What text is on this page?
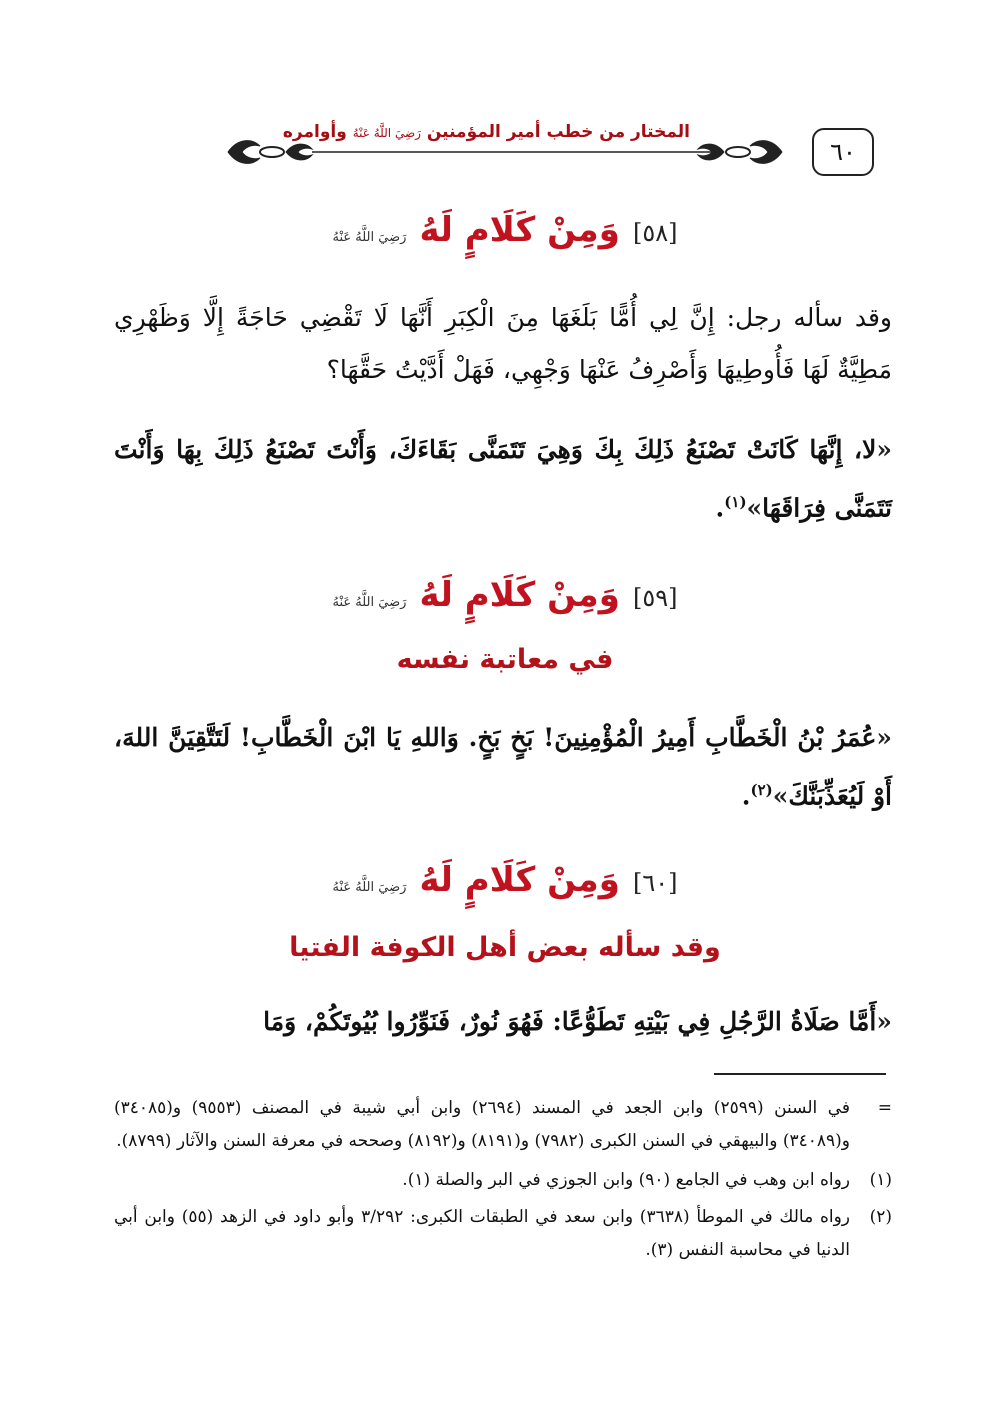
٦٠
المختار من خطب أمير المؤمنين رَضِيَ اللَّهُ عَنْهُ وأوامره
[٥٨] وَمِنْ كَلَامٍ لَهُ رَضِيَ اللَّهُ عَنْهُ
وقد سأله رجل: إِنَّ لِي أُمًّا بَلَغَهَا مِنَ الْكِبَرِ أَنَّهَا لَا تَقْضِي حَاجَةً إِلَّا وَظَهْرِي مَطِيَّةٌ لَهَا فَأُوطِيهَا وَأَصْرِفُ عَنْهَا وَجْهِي، فَهَلْ أَدَّيْتُ حَقَّهَا؟
«لا، إِنَّهَا كَانَتْ تَصْنَعُ ذَلِكَ بِكَ وَهِيَ تَتَمَنَّى بَقَاءَكَ، وَأَنْتَ تَصْنَعُ ذَلِكَ بِهَا وَأَنْتَ تَتَمَنَّى فِرَاقَهَا»$^{(١)}$.
[٥٩] وَمِنْ كَلَامٍ لَهُ رَضِيَ اللَّهُ عَنْهُ
في معاتبة نفسه
«عُمَرُ بْنُ الْخَطَّابِ أَمِيرُ الْمُؤْمِنِينَ! بَخٍ بَخٍ. وَاللهِ يَا ابْنَ الْخَطَّابِ! لَتَتَّقِيَنَّ اللهَ، أَوْ لَيُعَذِّبَنَّكَ»$^{(٢)}$.
[٦٠] وَمِنْ كَلَامٍ لَهُ رَضِيَ اللَّهُ عَنْهُ
وقد سأله بعض أهل الكوفة الفتيا
«أَمَّا صَلَاةُ الرَّجُلِ فِي بَيْتِهِ تَطَوُّعًا: فَهُوَ نُورٌ، فَنَوِّرُوا بُيُوتَكُمْ، وَمَا
=
في السنن (٢٥٩٩) وابن الجعد في المسند (٢٦٩٤) وابن أبي شيبة في المصنف (٩٥٥٣) و(٣٤٠٨٥) و(٣٤٠٨٩) والبيهقي في السنن الكبرى (٧٩٨٢) و(٨١٩١) و(٨١٩٢) وصححه في معرفة السنن والآثار (٨٧٩٩).
(١)
رواه ابن وهب في الجامع (٩٠) وابن الجوزي في البر والصلة (١).
(٢)
رواه مالك في الموطأ (٣٦٣٨) وابن سعد في الطبقات الكبرى: ٣/٢٩٢ وأبو داود في الزهد (٥٥) وابن أبي الدنيا في محاسبة النفس (٣).
